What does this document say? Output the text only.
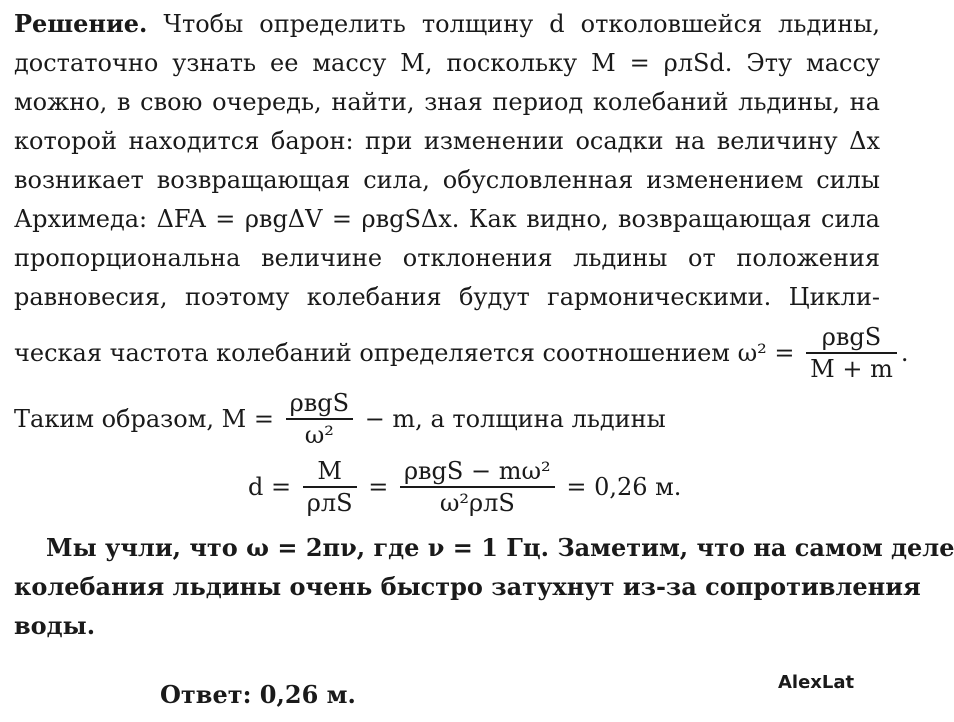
Решение. Чтобы определить толщину d отколовшейся льдины,
достаточно узнать ее массу M, поскольку M = ρлSd. Эту массу
можно, в свою очередь, найти, зная период колебаний льдины, на
которой находится барон: при изменении осадки на величину Δx
возникает возвращающая сила, обусловленная изменением силы
Архимеда: ΔFA = ρвgΔV = ρвgSΔx. Как видно, возвращающая сила
пропорциональна величине отклонения льдины от положения
равновесия, поэтому колебания будут гармоническими. Цикли-
ческая частота колебаний определяется соотношением $\omega^2 = \frac{\text{ρвgS}}{M + m}$ .
Таким образом, $M = \frac{\text{ρвgS}}{\text{ω²}} - m$, а толщина льдины
$d = \frac{M}{\text{ρлS}} = \frac{\text{ρвgS − mω²}}{\text{ω²ρлS}} = 0,26$ м.
Мы учли, что ω = 2πν, где ν = 1 Гц. Заметим, что на самом деле
колебания льдины очень быстро затухнут из-за сопротивления
воды.
Ответ: 0,26 м.	AlexLat
